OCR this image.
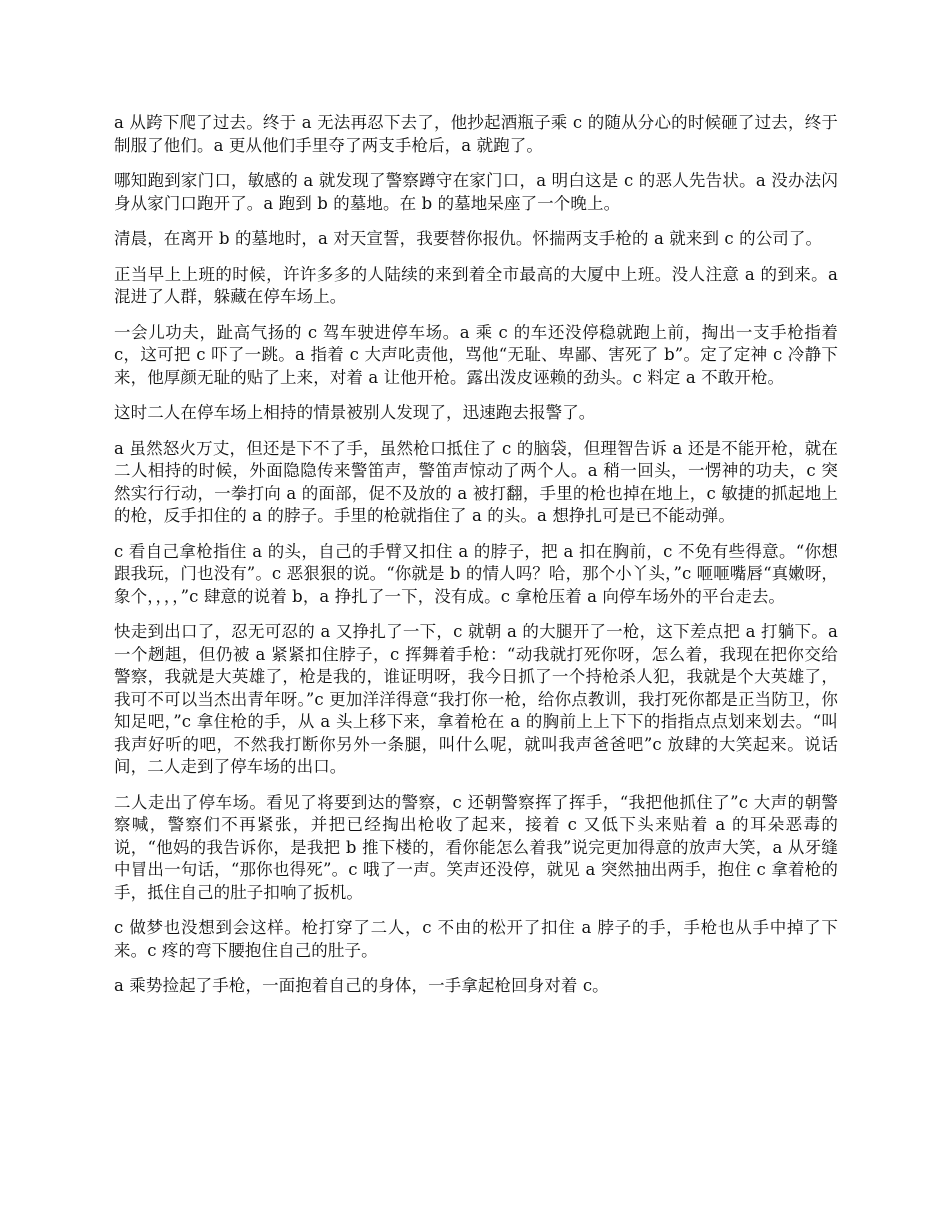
a 从跨下爬了过去。终于 a 无法再忍下去了，他抄起酒瓶子乘 c 的随从分心的时候砸了过去，终于制服了他们。a 更从他们手里夺了两支手枪后，a 就跑了。

哪知跑到家门口，敏感的 a 就发现了警察蹲守在家门口，a 明白这是 c 的恶人先告状。a 没办法闪身从家门口跑开了。a 跑到 b 的墓地。在 b 的墓地呆座了一个晚上。

清晨，在离开 b 的墓地时，a 对天宣誓，我要替你报仇。怀揣两支手枪的 a 就来到 c 的公司了。

正当早上上班的时候，许许多多的人陆续的来到着全市最高的大厦中上班。没人注意 a 的到来。a 混进了人群，躲藏在停车场上。

一会儿功夫，趾高气扬的 c 驾车驶进停车场。a 乘 c 的车还没停稳就跑上前，掏出一支手枪指着 c，这可把 c 吓了一跳。a 指着 c 大声叱责他，骂他“无耻、卑鄙、害死了 b”。定了定神 c 冷静下来，他厚颜无耻的贴了上来，对着 a 让他开枪。露出泼皮诬赖的劲头。c 料定 a 不敢开枪。

这时二人在停车场上相持的情景被别人发现了，迅速跑去报警了。

a 虽然怒火万丈，但还是下不了手，虽然枪口抵住了 c 的脑袋，但理智告诉 a 还是不能开枪，就在二人相持的时候，外面隐隐传来警笛声，警笛声惊动了两个人。a 稍一回头，一愣神的功夫，c 突然实行行动，一拳打向 a 的面部，促不及放的 a 被打翻，手里的枪也掉在地上，c 敏捷的抓起地上的枪，反手扣住的 a 的脖子。手里的枪就指住了 a 的头。a 想挣扎可是已不能动弹。

c 看自己拿枪指住 a 的头，自己的手臂又扣住 a 的脖子，把 a 扣在胸前，c 不免有些得意。“你想跟我玩，门也没有”。c 恶狠狠的说。“你就是 b 的情人吗？哈，那个小丫头，”c 咂咂嘴唇“真嫩呀，象个，，，，”c 肆意的说着 b，a 挣扎了一下，没有成。c 拿枪压着 a 向停车场外的平台走去。

快走到出口了，忍无可忍的 a 又挣扎了一下，c 就朝 a 的大腿开了一枪，这下差点把 a 打躺下。a 一个趔趄，但仍被 a 紧紧扣住脖子，c 挥舞着手枪：“动我就打死你呀，怎么着，我现在把你交给警察，我就是大英雄了，枪是我的，谁证明呀，我今日抓了一个持枪杀人犯，我就是个大英雄了，我可不可以当杰出青年呀。”c 更加洋洋得意“我打你一枪，给你点教训，我打死你都是正当防卫，你知足吧，”c 拿住枪的手，从 a 头上移下来，拿着枪在 a 的胸前上上下下的指指点点划来划去。“叫我声好听的吧，不然我打断你另外一条腿，叫什么呢，就叫我声爸爸吧”c 放肆的大笑起来。说话间，二人走到了停车场的出口。

二人走出了停车场。看见了将要到达的警察，c 还朝警察挥了挥手，“我把他抓住了”c 大声的朝警察喊，警察们不再紧张，并把已经掏出枪收了起来，接着 c 又低下头来贴着 a 的耳朵恶毒的说，“他妈的我告诉你，是我把 b 推下楼的，看你能怎么着我”说完更加得意的放声大笑，a 从牙缝中冒出一句话，“那你也得死”。c 哦了一声。笑声还没停，就见 a 突然抽出两手，抱住 c 拿着枪的手，抵住自己的肚子扣响了扳机。

c 做梦也没想到会这样。枪打穿了二人，c 不由的松开了扣住 a 脖子的手，手枪也从手中掉了下来。c 疼的弯下腰抱住自己的肚子。

a 乘势捡起了手枪，一面抱着自己的身体，一手拿起枪回身对着 c。
